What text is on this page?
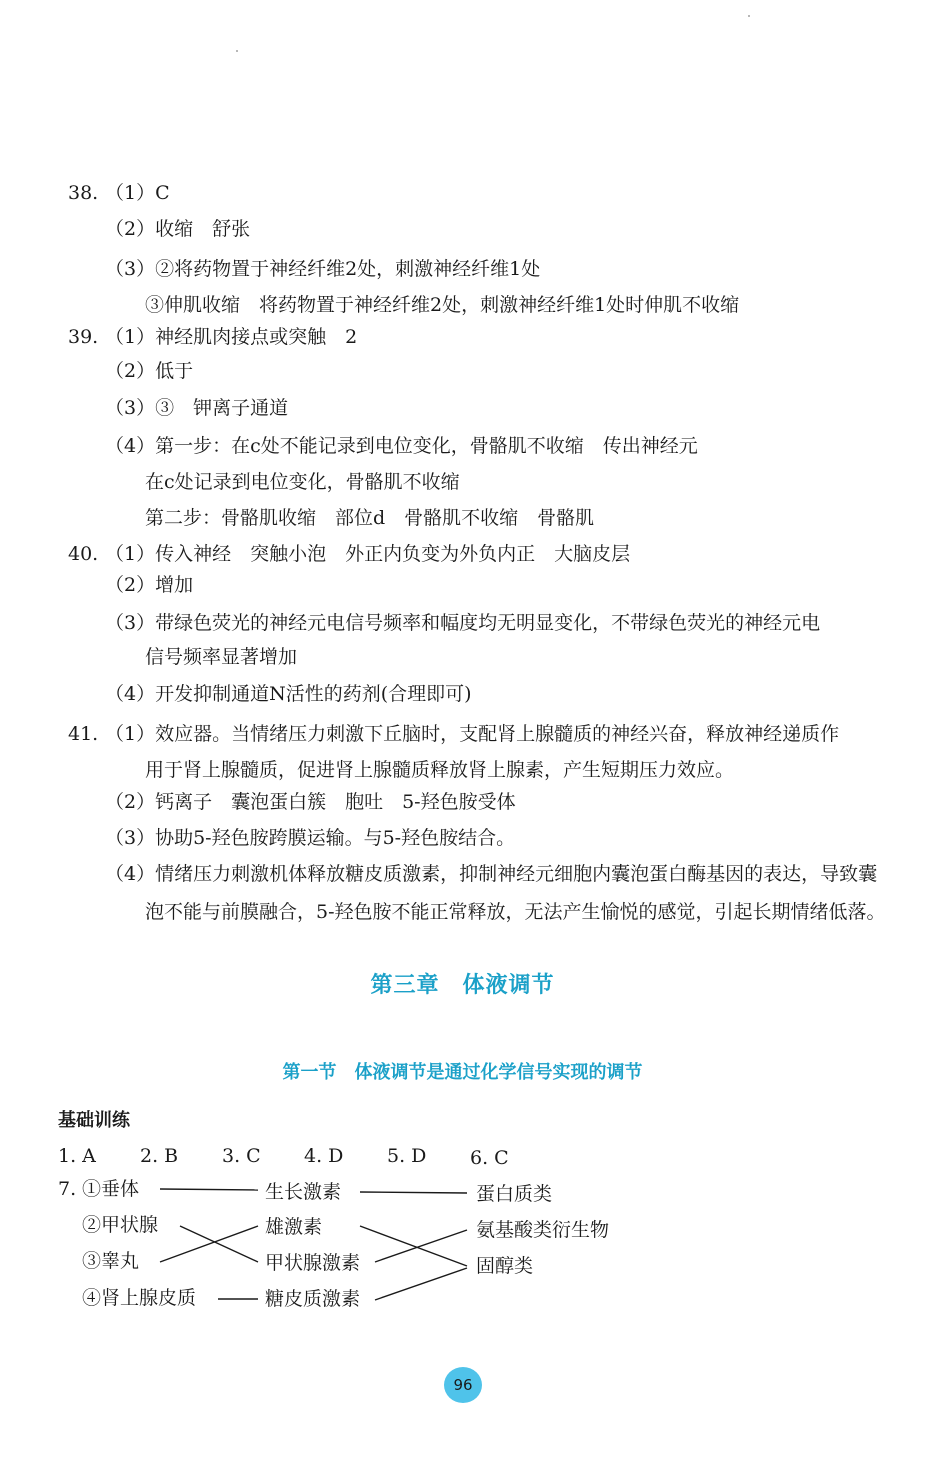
38. （1）C
（2）收缩　舒张
（3）②将药物置于神经纤维2处，刺激神经纤维1处
③伸肌收缩　将药物置于神经纤维2处，刺激神经纤维1处时伸肌不收缩
39. （1）神经肌肉接点或突触　2
（2）低于
（3）③　钾离子通道
（4）第一步：在c处不能记录到电位变化，骨骼肌不收缩　传出神经元
在c处记录到电位变化，骨骼肌不收缩
第二步：骨骼肌收缩　部位d　骨骼肌不收缩　骨骼肌
40. （1）传入神经　突触小泡　外正内负变为外负内正　大脑皮层
（2）增加
（3）带绿色荧光的神经元电信号频率和幅度均无明显变化，不带绿色荧光的神经元电
信号频率显著增加
（4）开发抑制通道N活性的药剂(合理即可)
41. （1）效应器。当情绪压力刺激下丘脑时，支配肾上腺髓质的神经兴奋，释放神经递质作
用于肾上腺髓质，促进肾上腺髓质释放肾上腺素，产生短期压力效应。
（2）钙离子　囊泡蛋白簇　胞吐　5-羟色胺受体
（3）协助5-羟色胺跨膜运输。与5-羟色胺结合。
（4）情绪压力刺激机体释放糖皮质激素，抑制神经元细胞内囊泡蛋白酶基因的表达，导致囊
泡不能与前膜融合，5-羟色胺不能正常释放，无法产生愉悦的感觉，引起长期情绪低落。
第三章　体液调节
第一节　体液调节是通过化学信号实现的调节
基础训练
1. A 2. B 3. C 4. D 5. D 6. C
7. ①垂体
②甲状腺
③睾丸
④肾上腺皮质
生长激素
雄激素
甲状腺激素
糖皮质激素
蛋白质类
氨基酸类衍生物
固醇类
96
